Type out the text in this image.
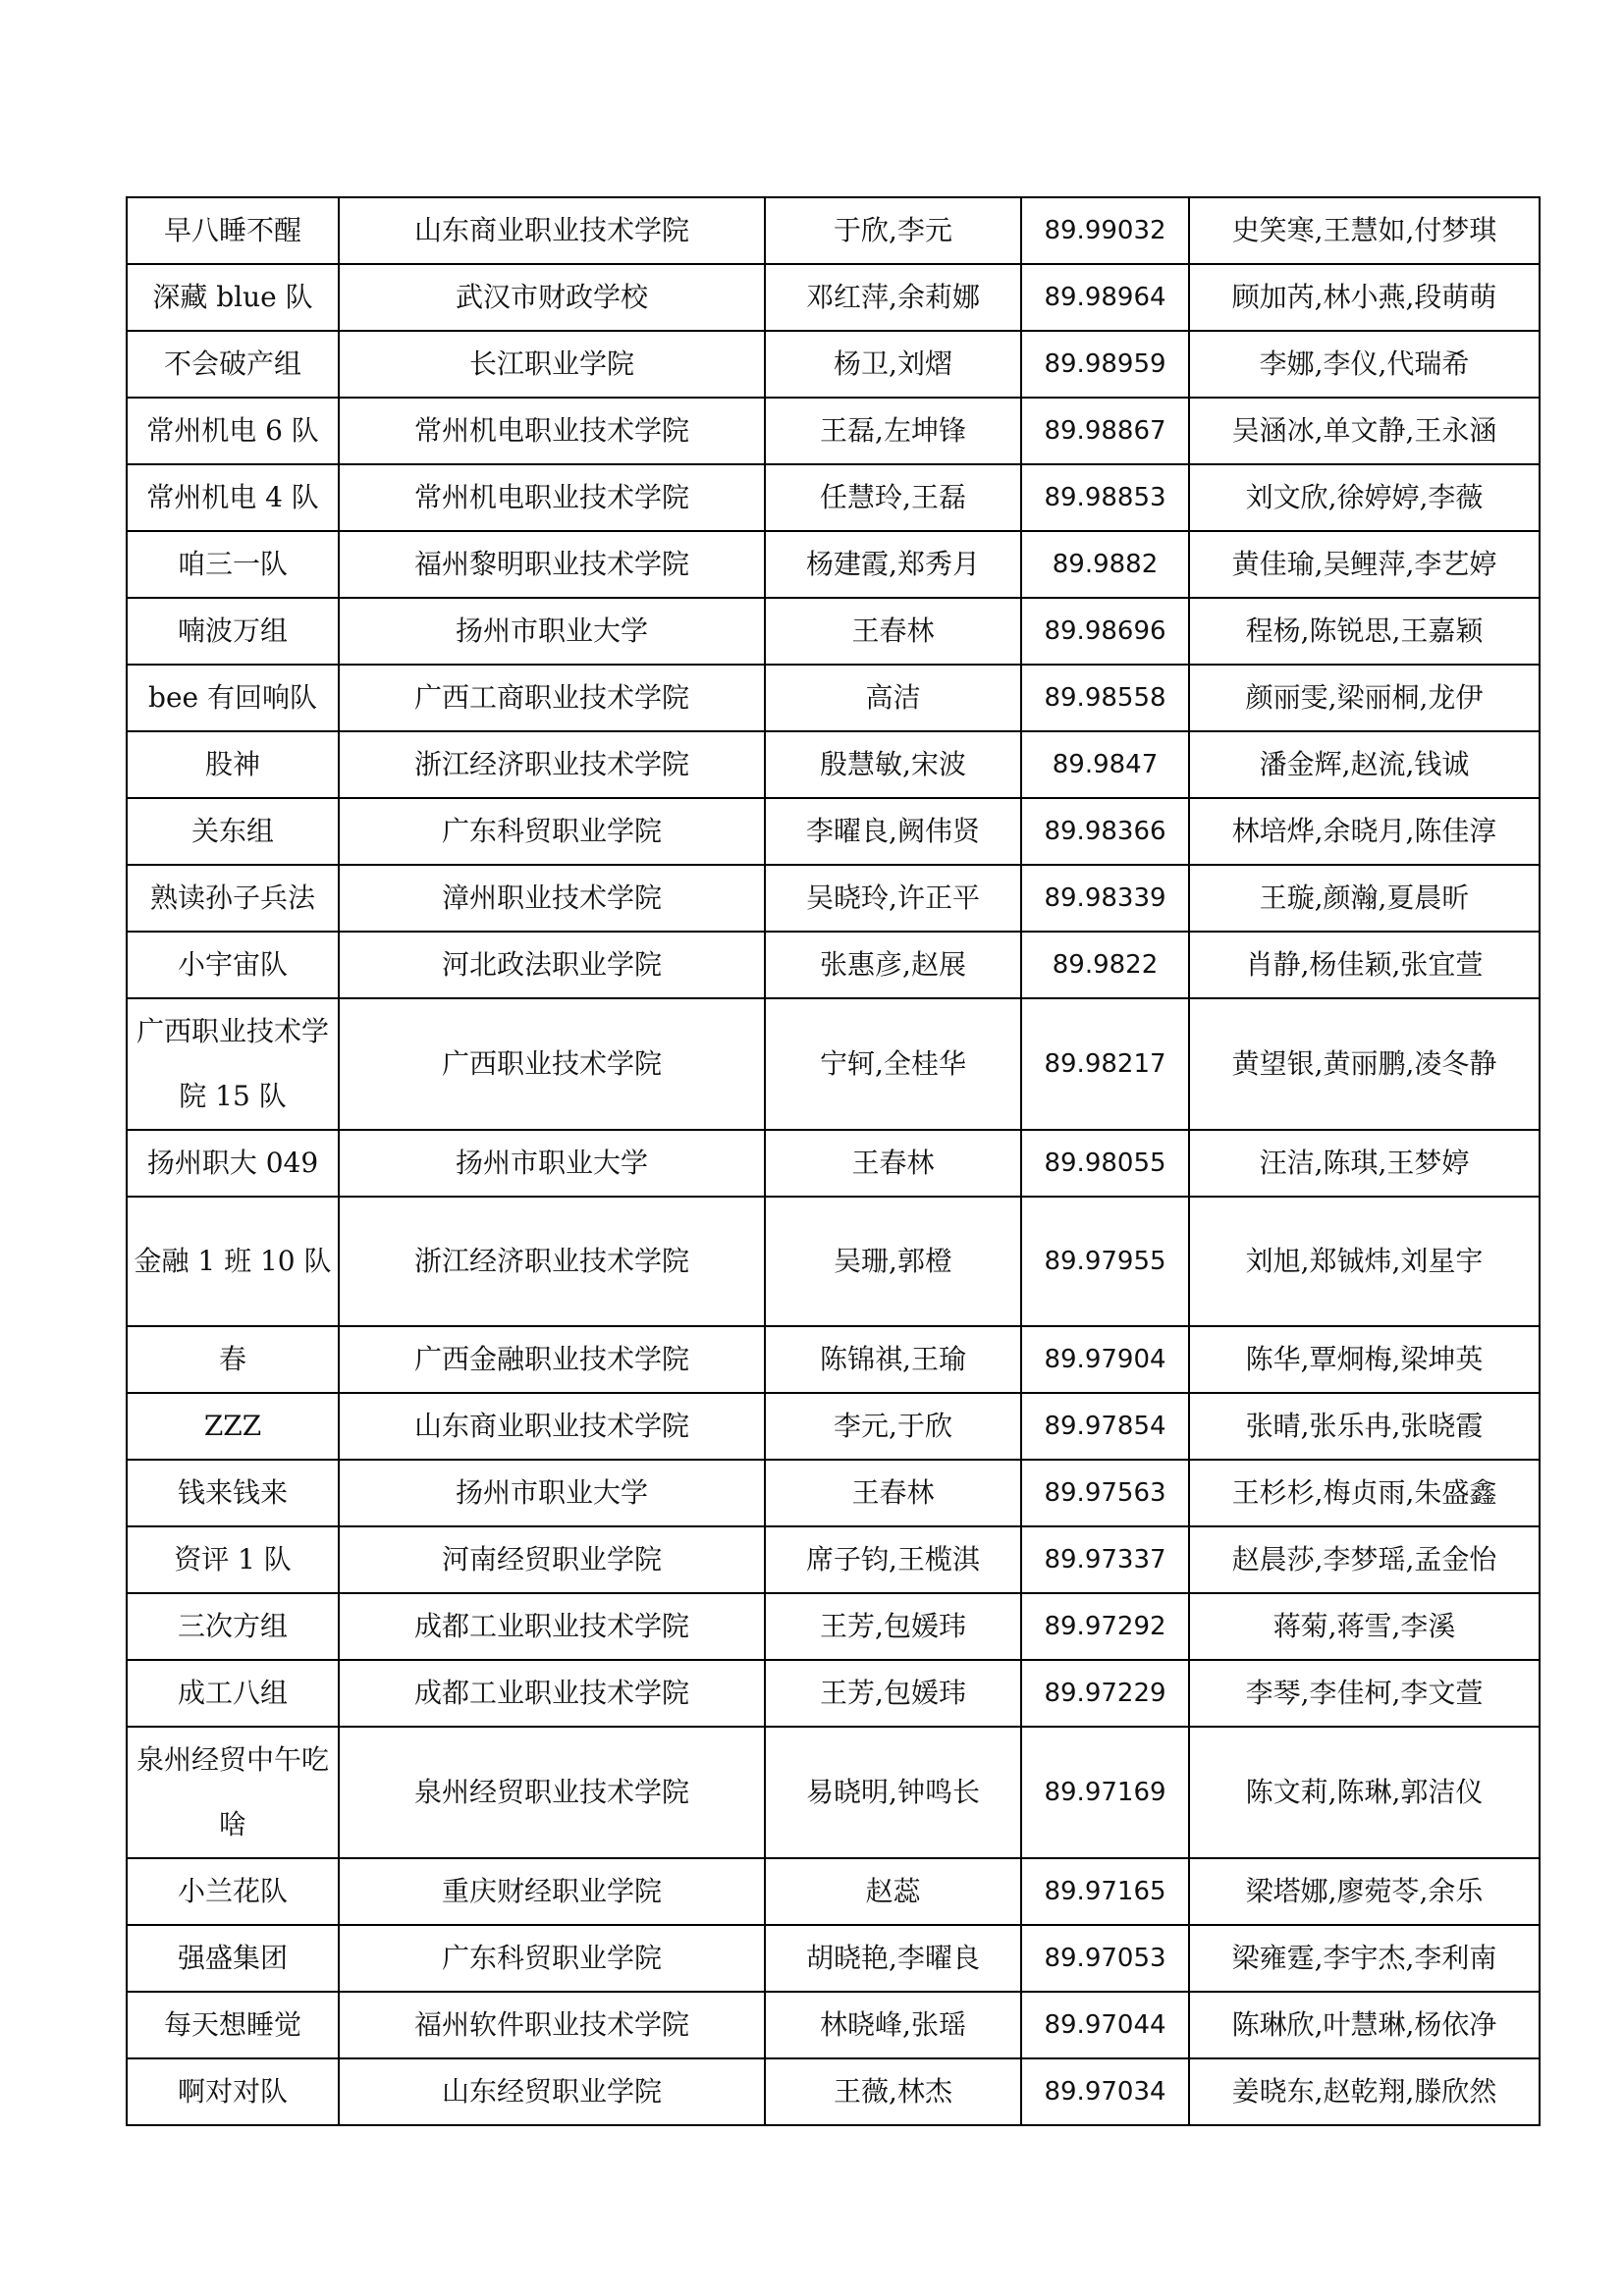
早八睡不醒	山东商业职业技术学院	于欣,李元	89.99032	史笑寒,王慧如,付梦琪
深藏 blue 队	武汉市财政学校	邓红萍,余莉娜	89.98964	顾加芮,林小燕,段萌萌
不会破产组	长江职业学院	杨卫,刘熠	89.98959	李娜,李仪,代瑞希
常州机电 6 队	常州机电职业技术学院	王磊,左坤锋	89.98867	吴涵冰,单文静,王永涵
常州机电 4 队	常州机电职业技术学院	任慧玲,王磊	89.98853	刘文欣,徐婷婷,李薇
咱三一队	福州黎明职业技术学院	杨建霞,郑秀月	89.9882	黄佳瑜,吴鲤萍,李艺婷
喃波万组	扬州市职业大学	王春林	89.98696	程杨,陈锐思,王嘉颖
bee 有回响队	广西工商职业技术学院	高洁	89.98558	颜丽雯,梁丽桐,龙伊
股神	浙江经济职业技术学院	殷慧敏,宋波	89.9847	潘金辉,赵流,钱诚
关东组	广东科贸职业学院	李曜良,阙伟贤	89.98366	林培烨,余晓月,陈佳淳
熟读孙子兵法	漳州职业技术学院	吴晓玲,许正平	89.98339	王璇,颜瀚,夏晨昕
小宇宙队	河北政法职业学院	张惠彦,赵展	89.9822	肖静,杨佳颖,张宜萱
广西职业技术学院 15 队	广西职业技术学院	宁轲,全桂华	89.98217	黄望银,黄丽鹏,凌冬静
扬州职大 049	扬州市职业大学	王春林	89.98055	汪洁,陈琪,王梦婷
金融 1 班 10 队	浙江经济职业技术学院	吴珊,郭橙	89.97955	刘旭,郑铖炜,刘星宇
春	广西金融职业技术学院	陈锦祺,王瑜	89.97904	陈华,覃炯梅,梁坤英
ZZZ	山东商业职业技术学院	李元,于欣	89.97854	张晴,张乐冉,张晓霞
钱来钱来	扬州市职业大学	王春林	89.97563	王杉杉,梅贞雨,朱盛鑫
资评 1 队	河南经贸职业学院	席子钧,王榄淇	89.97337	赵晨莎,李梦瑶,孟金怡
三次方组	成都工业职业技术学院	王芳,包媛玮	89.97292	蒋菊,蒋雪,李溪
成工八组	成都工业职业技术学院	王芳,包媛玮	89.97229	李琴,李佳柯,李文萱
泉州经贸中午吃啥	泉州经贸职业技术学院	易晓明,钟鸣长	89.97169	陈文莉,陈琳,郭洁仪
小兰花队	重庆财经职业学院	赵蕊	89.97165	梁塔娜,廖菀苓,余乐
强盛集团	广东科贸职业学院	胡晓艳,李曜良	89.97053	梁雍霆,李宇杰,李利南
每天想睡觉	福州软件职业技术学院	林晓峰,张瑶	89.97044	陈琳欣,叶慧琳,杨依净
啊对对队	山东经贸职业学院	王薇,林杰	89.97034	姜晓东,赵乾翔,滕欣然
